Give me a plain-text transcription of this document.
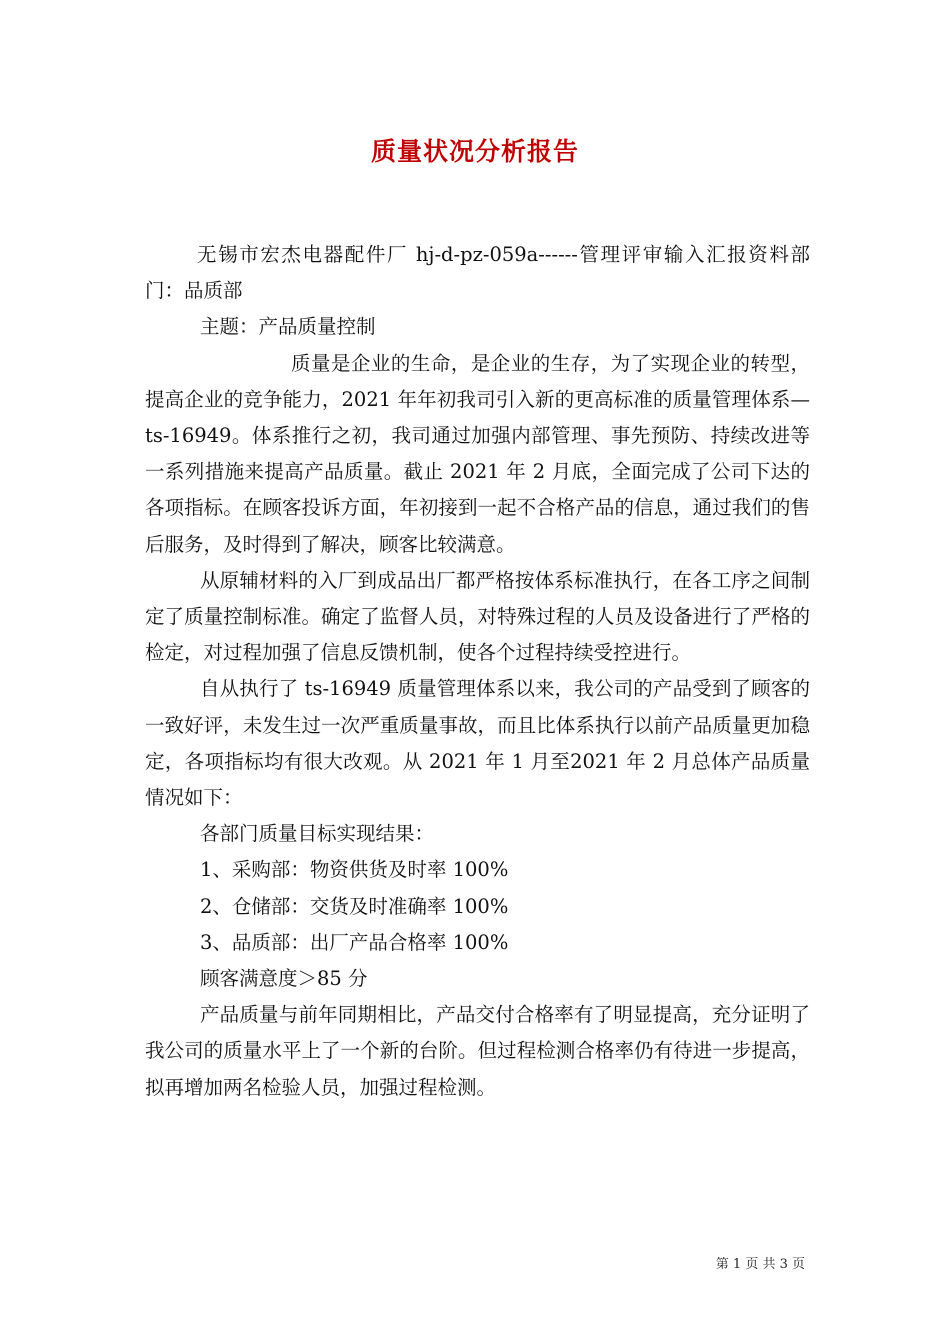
质量状况分析报告

无锡市宏杰电器配件厂 hj-d-pz-059a------管理评审输入汇报资料部门：品质部

主题：产品质量控制

质量是企业的生命，是企业的生存，为了实现企业的转型，提高企业的竞争能力，2021 年年初我司引入新的更高标准的质量管理体系—ts-16949。体系推行之初，我司通过加强内部管理、事先预防、持续改进等一系列措施来提高产品质量。截止 2021 年 2 月底，全面完成了公司下达的各项指标。在顾客投诉方面，年初接到一起不合格产品的信息，通过我们的售后服务，及时得到了解决，顾客比较满意。

从原辅材料的入厂到成品出厂都严格按体系标准执行，在各工序之间制定了质量控制标准。确定了监督人员，对特殊过程的人员及设备进行了严格的检定，对过程加强了信息反馈机制，使各个过程持续受控进行。

自从执行了 ts-16949 质量管理体系以来，我公司的产品受到了顾客的一致好评，未发生过一次严重质量事故，而且比体系执行以前产品质量更加稳定，各项指标均有很大改观。从 2021 年 1 月至2021 年 2 月总体产品质量情况如下：

各部门质量目标实现结果：

1、采购部：物资供货及时率 100%

2、仓储部：交货及时准确率 100%

3、品质部：出厂产品合格率 100%

顾客满意度＞85 分

产品质量与前年同期相比，产品交付合格率有了明显提高，充分证明了我公司的质量水平上了一个新的台阶。但过程检测合格率仍有待进一步提高，拟再增加两名检验人员，加强过程检测。

第 1 页 共 3 页
